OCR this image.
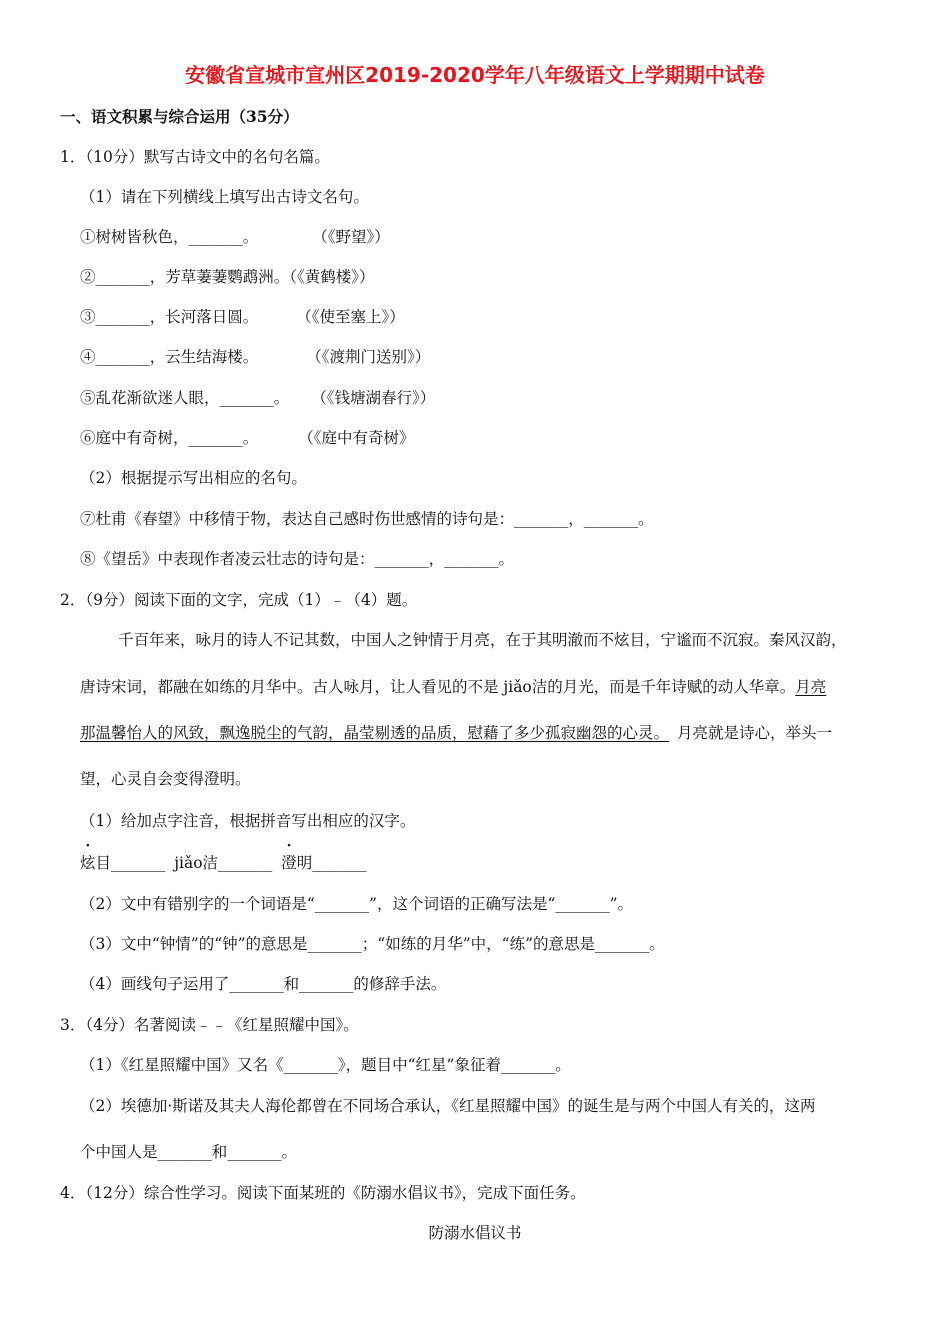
安徽省宣城市宣州区2019-2020学年八年级语文上学期期中试卷
一、语文积累与综合运用（35分）
1．（10分）默写古诗文中的名句名篇。
（1）请在下列横线上填写出古诗文名句。
①树树皆秋色，_______。	（《野望》）
②_______，芳草萋萋鹦鹉洲。（《黄鹤楼》）
③_______，长河落日圆。 （《使至塞上》）
④_______，云生结海楼。	（《渡荆门送别》）
⑤乱花渐欲迷人眼，_______。 （《钱塘湖春行》）
⑥庭中有奇树，_______。	（《庭中有奇树》
（2）根据提示写出相应的名句。
⑦杜甫《春望》中移情于物，表达自己感时伤世感情的诗句是：_______，_______。
⑧《望岳》中表现作者凌云壮志的诗句是：_______，_______。
2．（9分）阅读下面的文字，完成（1）﹣（4）题。
千百年来，咏月的诗人不记其数，中国人之钟情于月亮，在于其明澈而不炫目，宁谧而不沉寂。秦风汉韵，
唐诗宋词，都融在如练的月华中。古人咏月，让人看见的不是 jiǎo洁的月光，而是千年诗赋的动人华章。月亮
那温馨怡人的风致，飘逸脱尘的气韵，晶莹剔透的品质，慰藉了多少孤寂幽怨的心灵。 月亮就是诗心，举头一
望，心灵自会变得澄明。
（1）给加点字注音，根据拼音写出相应的汉字。
炫目_______ jiǎo洁_______ 澄明_______
（2）文中有错别字的一个词语是“_______”，这个词语的正确写法是“_______”。
（3）文中“钟情”的“钟”的意思是_______；“如练的月华”中，“练”的意思是_______。
（4）画线句子运用了_______和_______的修辞手法。
3．（4分）名著阅读﹣﹣《红星照耀中国》。
（1）《红星照耀中国》又名《_______》，题目中“红星”象征着_______。
（2）埃德加·斯诺及其夫人海伦都曾在不同场合承认，《红星照耀中国》的诞生是与两个中国人有关的，这两
个中国人是_______和_______。
4．（12分）综合性学习。阅读下面某班的《防溺水倡议书》，完成下面任务。
防溺水倡议书
